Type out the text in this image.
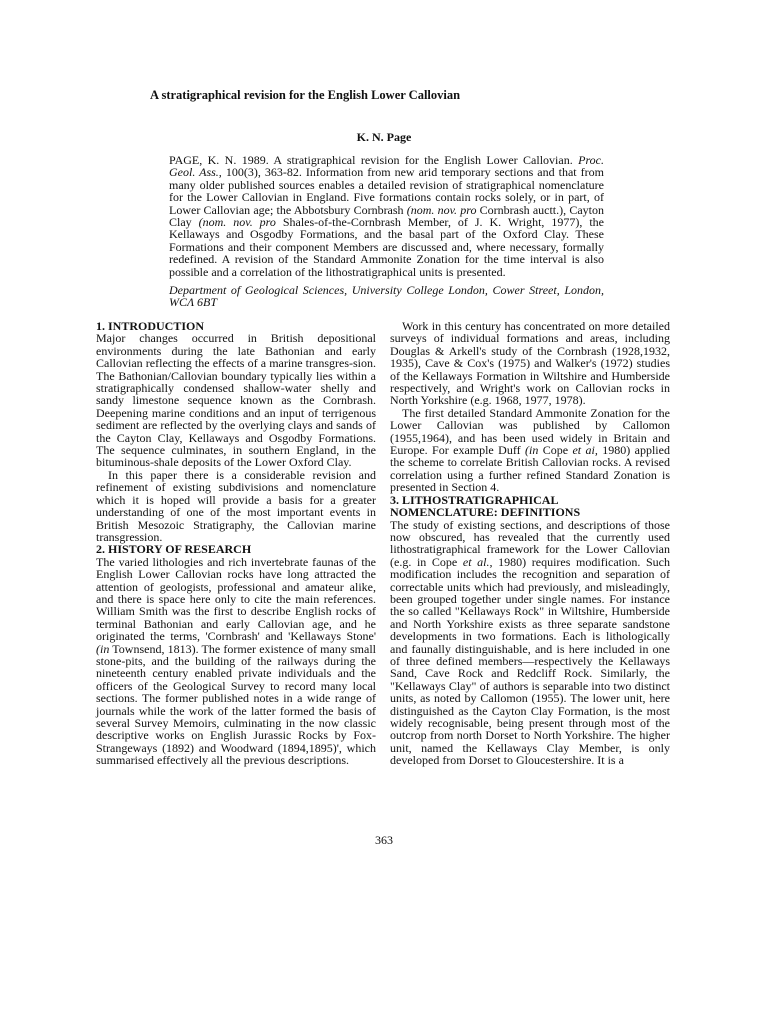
A stratigraphical revision for the English Lower Callovian
K. N. Page

PAGE, K. N. 1989. A stratigraphical revision for the English Lower Callovian. Proc. Geol. Ass., 100(3), 363-82. Information from new arid temporary sections and that from many older published sources enables a detailed revision of stratigraphical nomenclature for the Lower Callovian in England. Five formations contain rocks solely, or in part, of Lower Callovian age; the Abbotsbury Cornbrash (nom. nov. pro Cornbrash auctt.), Cayton Clay (nom. nov. pro Shales-of-the-Cornbrash Member, of J. K. Wright, 1977), the Kellaways and Osgodby Formations, and the basal part of the Oxford Clay. These Formations and their component Members are discussed and, where necessary, formally redefined. A revision of the Standard Ammonite Zonation for the time interval is also possible and a correlation of the lithostratigraphical units is presented.

Department of Geological Sciences, University College London, Cower Street, London, WCΛ 6BT

1. INTRODUCTION

Major changes occurred in British depositional environments during the late Bathonian and early Callovian reflecting the effects of a marine transgres-sion. The Bathonian/Callovian boundary typically lies within a stratigraphically condensed shallow-water shelly and sandy limestone sequence known as the Cornbrash. Deepening marine conditions and an input of terrigenous sediment are reflected by the overlying clays and sands of the Cayton Clay, Kellaways and Osgodby Formations. The sequence culminates, in southern England, in the bituminous-shale deposits of the Lower Oxford Clay.

In this paper there is a considerable revision and refinement of existing subdivisions and nomenclature which it is hoped will provide a basis for a greater understanding of one of the most important events in British Mesozoic Stratigraphy, the Callovian marine transgression.

2. HISTORY OF RESEARCH

The varied lithologies and rich invertebrate faunas of the English Lower Callovian rocks have long attracted the attention of geologists, professional and amateur alike, and there is space here only to cite the main references. William Smith was the first to describe English rocks of terminal Bathonian and early Callovian age, and he originated the terms, 'Cornbrash' and 'Kellaways Stone' (in Townsend, 1813). The former existence of many small stone-pits, and the building of the railways during the nineteenth century enabled private individuals and the officers of the Geological Survey to record many local sections. The former published notes in a wide range of journals while the work of the latter formed the basis of several Survey Memoirs, culminating in the now classic descriptive works on English Jurassic Rocks by Fox-Strangeways (1892) and Woodward (1894,1895)', which summarised effectively all the previous descriptions.

Work in this century has concentrated on more detailed surveys of individual formations and areas, including Douglas & Arkell's study of the Cornbrash (1928,1932, 1935), Cave & Cox's (1975) and Walker's (1972) studies of the Kellaways Formation in Wiltshire and Humberside respectively, and Wright's work on Callovian rocks in North Yorkshire (e.g. 1968, 1977, 1978).

The first detailed Standard Ammonite Zonation for the Lower Callovian was published by Callomon (1955,1964), and has been used widely in Britain and Europe. For example Duff (in Cope et ai, 1980) applied the scheme to correlate British Callovian rocks. A revised correlation using a further refined Standard Zonation is presented in Section 4.

3. LITHOSTRATIGRAPHICAL
NOMENCLATURE: DEFINITIONS

The study of existing sections, and descriptions of those now obscured, has revealed that the currently used lithostratigraphical framework for the Lower Callovian (e.g. in Cope et al., 1980) requires modification. Such modification includes the recognition and separation of correctable units which had previously, and misleadingly, been grouped together under single names. For instance the so called "Kellaways Rock" in Wiltshire, Humberside and North Yorkshire exists as three separate sandstone developments in two formations. Each is lithologically and faunally distinguishable, and is here included in one of three defined members—respectively the Kellaways Sand, Cave Rock and Redcliff Rock. Similarly, the "Kellaways Clay" of authors is separable into two distinct units, as noted by Callomon (1955). The lower unit, here distinguished as the Cayton Clay Formation, is the most widely recognisable, being present through most of the outcrop from north Dorset to North Yorkshire. The higher unit, named the Kellaways Clay Member, is only developed from Dorset to Gloucestershire. It is a

363
